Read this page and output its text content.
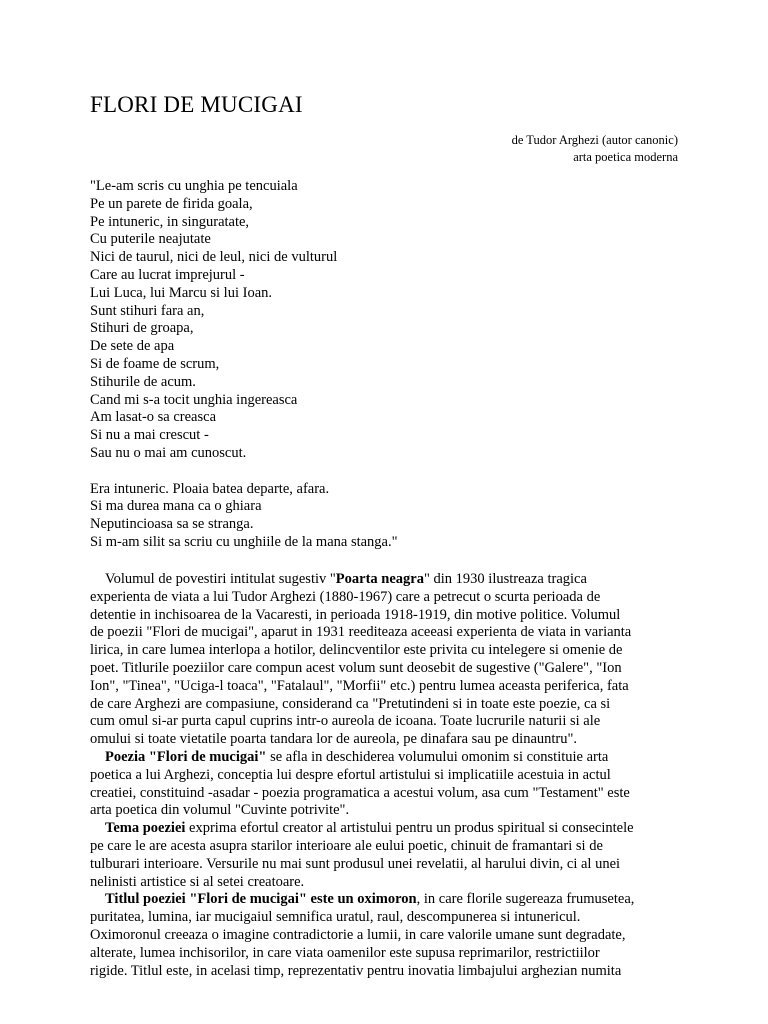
FLORI DE MUCIGAI
de Tudor Arghezi (autor canonic)
arta poetica moderna
"Le-am scris cu unghia pe tencuiala
Pe un parete de firida goala,
Pe intuneric, in singuratate,
Cu puterile neajutate
Nici de taurul, nici de leul, nici de vulturul
Care au lucrat imprejurul -
Lui Luca, lui Marcu si lui Ioan.
Sunt stihuri fara an,
Stihuri de groapa,
De sete de apa
Si de foame de scrum,
Stihurile de acum.
Cand mi s-a tocit unghia ingereasca
Am lasat-o sa creasca
Si nu a mai crescut -
Sau nu o mai am cunoscut.
Era intuneric. Ploaia batea departe, afara.
Si ma durea mana ca o ghiara
Neputincioasa sa se stranga.
Si m-am silit sa scriu cu unghiile de la mana stanga."

Volumul de povestiri intitulat sugestiv "Poarta neagra" din 1930 ilustreaza tragica
experienta de viata a lui Tudor Arghezi (1880-1967) care a petrecut o scurta perioada de
detentie in inchisoarea de la Vacaresti, in perioada 1918-1919, din motive politice. Volumul
de poezii "Flori de mucigai", aparut in 1931 reediteaza aceeasi experienta de viata in varianta
lirica, in care lumea interlopa a hotilor, delincventilor este privita cu intelegere si omenie de
poet. Titlurile poeziilor care compun acest volum sunt deosebit de sugestive ("Galere", "Ion
Ion", "Tinea", "Uciga-l toaca", "Fatalaul", "Morfii" etc.) pentru lumea aceasta periferica, fata
de care Arghezi are compasiune, considerand ca "Pretutindeni si in toate este poezie, ca si
cum omul si-ar purta capul cuprins intr-o aureola de icoana. Toate lucrurile naturii si ale
omului si toate vietatile poarta tandara lor de aureola, pe dinafara sau pe dinauntru".

Poezia "Flori de mucigai" se afla in deschiderea volumului omonim si constituie arta
poetica a lui Arghezi, conceptia lui despre efortul artistului si implicatiile acestuia in actul
creatiei, constituind -asadar - poezia programatica a acestui volum, asa cum "Testament" este
arta poetica din volumul "Cuvinte potrivite".

Tema poeziei exprima efortul creator al artistului pentru un produs spiritual si consecintele
pe care le are acesta asupra starilor interioare ale eului poetic, chinuit de framantari si de
tulburari interioare. Versurile nu mai sunt produsul unei revelatii, al harului divin, ci al unei
nelinisti artistice si al setei creatoare.

Titlul poeziei "Flori de mucigai" este un oximoron, in care florile sugereaza frumusetea,
puritatea, lumina, iar mucigaiul semnifica uratul, raul, descompunerea si intunericul.
Oximoronul creeaza o imagine contradictorie a lumii, in care valorile umane sunt degradate,
alterate, lumea inchisorilor, in care viata oamenilor este supusa reprimarilor, restrictiilor
rigide. Titlul este, in acelasi timp, reprezentativ pentru inovatia limbajului arghezian numita
